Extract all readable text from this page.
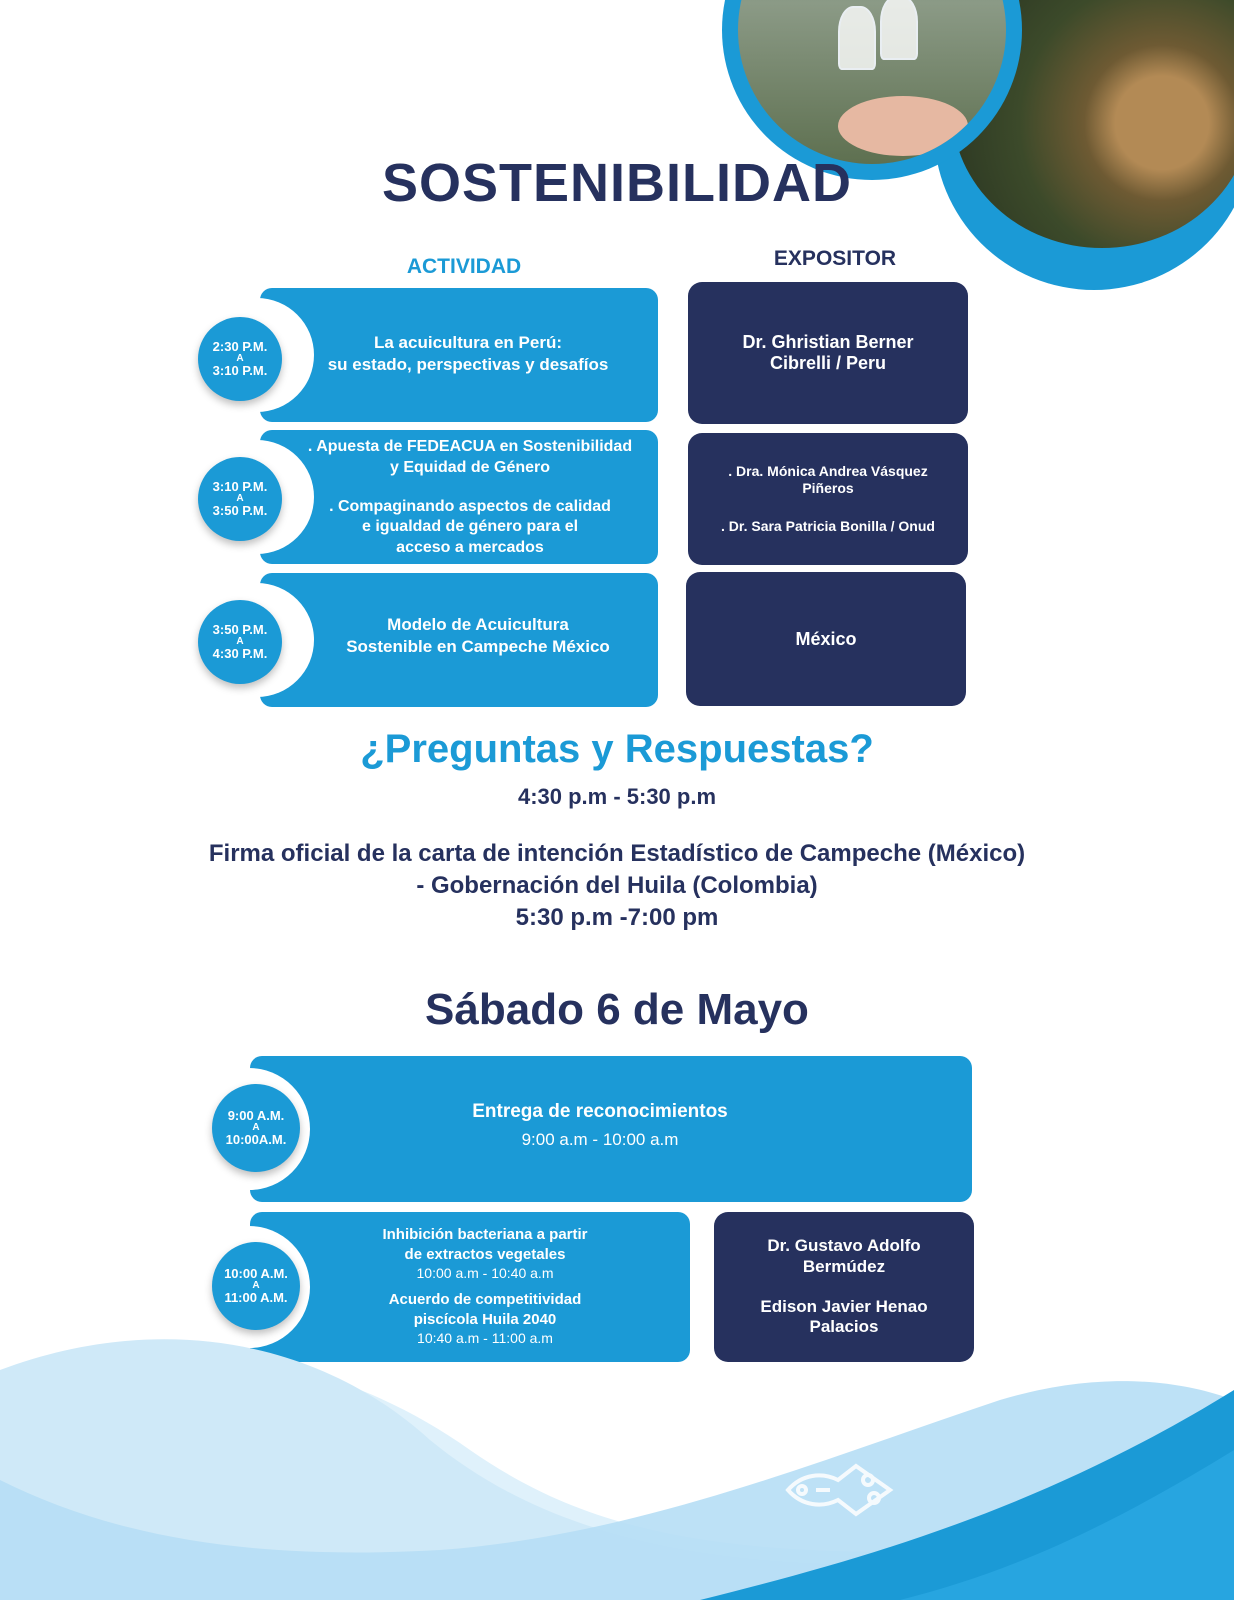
SOSTENIBILIDAD
ACTIVIDAD	EXPOSITOR
2:30 P.M.
A
3:10 P.M.
La acuicultura en Perú:
su estado, perspectivas y desafíos
Dr. Ghristian Berner
Cibrelli / Peru
3:10 P.M.
A
3:50 P.M.
. Apuesta de FEDEACUA en Sostenibilidad
y Equidad de Género
. Compaginando aspectos de calidad
e igualdad de género para el
acceso a mercados
. Dra. Mónica Andrea Vásquez
Piñeros
. Dr. Sara Patricia Bonilla / Onud
3:50 P.M.
A
4:30 P.M.
Modelo de Acuicultura
Sostenible en Campeche México	México
¿Preguntas y Respuestas?
4:30 p.m - 5:30 p.m
Firma oficial de la carta de intención Estadístico de Campeche (México)
- Gobernación del Huila (Colombia)
5:30 p.m -7:00 pm
Sábado 6 de Mayo
9:00 A.M.
A
10:00A.M.
Entrega de reconocimientos
9:00 a.m - 10:00 a.m
10:00 A.M.
A
11:00 A.M.
Inhibición bacteriana a partir
de extractos vegetales
10:00 a.m - 10:40 a.m
Acuerdo de competitividad
piscícola Huila 2040
10:40 a.m - 11:00 a.m
Dr. Gustavo Adolfo
Bermúdez
Edison Javier Henao
Palacios
